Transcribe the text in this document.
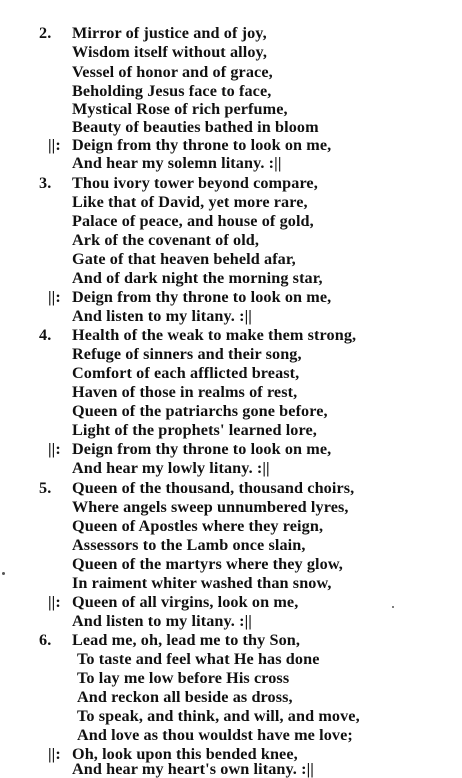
2.	Mirror of justice and of joy,
Wisdom itself without alloy,
Vessel of honor and of grace,
Beholding Jesus face to face,
Mystical Rose of rich perfume,
Beauty of beauties bathed in bloom
||: Deign from thy throne to look on me,
And hear my solemn litany. :||
3.	Thou ivory tower beyond compare,
Like that of David, yet more rare,
Palace of peace, and house of gold,
Ark of the covenant of old,
Gate of that heaven beheld afar,
And of dark night the morning star,
||: Deign from thy throne to look on me,
And listen to my litany. :||
4.	Health of the weak to make them strong,
Refuge of sinners and their song,
Comfort of each afflicted breast,
Haven of those in realms of rest,
Queen of the patriarchs gone before,
Light of the prophets' learned lore,
||: Deign from thy throne to look on me,
And hear my lowly litany. :||
5.	Queen of the thousand, thousand choirs,
Where angels sweep unnumbered lyres,
Queen of Apostles where they reign,
Assessors to the Lamb once slain,
Queen of the martyrs where they glow,
In raiment whiter washed than snow,
||: Queen of all virgins, look on me,
And listen to my litany. :||
6.	Lead me, oh, lead me to thy Son,
To taste and feel what He has done
To lay me low before His cross
And reckon all beside as dross,
To speak, and think, and will, and move,
And love as thou wouldst have me love;
||: Oh, look upon this bended knee,
And hear my heart's own litany. :||
